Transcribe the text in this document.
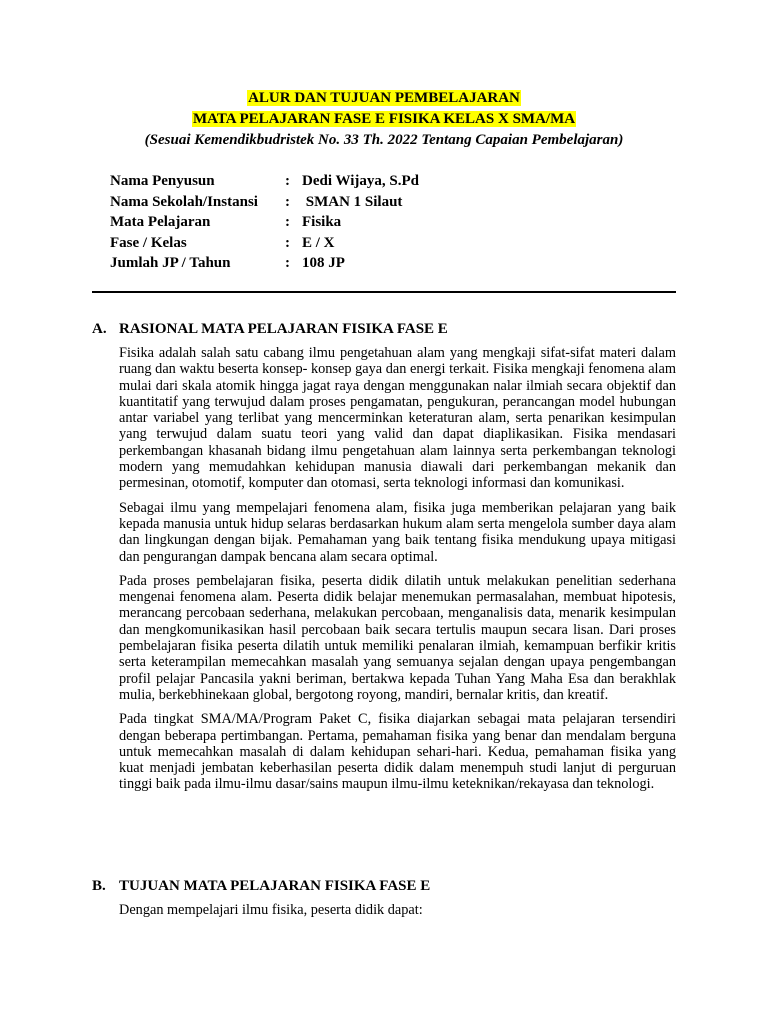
ALUR DAN TUJUAN PEMBELAJARAN
MATA PELAJARAN FASE E FISIKA KELAS X SMA/MA
(Sesuai Kemendikbudristek No. 33 Th. 2022 Tentang Capaian Pembelajaran)
Nama Penyusun	: Dedi Wijaya, S.Pd
Nama Sekolah/Instansi : SMAN 1 Silaut
Mata Pelajaran	: Fisika
Fase / Kelas	: E / X
Jumlah JP / Tahun	: 108 JP
A. RASIONAL MATA PELAJARAN FISIKA FASE E

Fisika adalah salah satu cabang ilmu pengetahuan alam yang mengkaji sifat-sifat materi dalam ruang dan waktu beserta konsep- konsep gaya dan energi terkait. Fisika mengkaji fenomena alam mulai dari skala atomik hingga jagat raya dengan menggunakan nalar ilmiah secara objektif dan kuantitatif yang terwujud dalam proses pengamatan, pengukuran, perancangan model hubungan antar variabel yang terlibat yang mencerminkan keteraturan alam, serta penarikan kesimpulan yang terwujud dalam suatu teori yang valid dan dapat diaplikasikan. Fisika mendasari perkembangan khasanah bidang ilmu pengetahuan alam lainnya serta perkembangan teknologi modern yang memudahkan kehidupan manusia diawali dari perkembangan mekanik dan permesinan, otomotif, komputer dan otomasi, serta teknologi informasi dan komunikasi.

Sebagai ilmu yang mempelajari fenomena alam, fisika juga memberikan pelajaran yang baik kepada manusia untuk hidup selaras berdasarkan hukum alam serta mengelola sumber daya alam dan lingkungan dengan bijak. Pemahaman yang baik tentang fisika mendukung upaya mitigasi dan pengurangan dampak bencana alam secara optimal.

Pada proses pembelajaran fisika, peserta didik dilatih untuk melakukan penelitian sederhana mengenai fenomena alam. Peserta didik belajar menemukan permasalahan, membuat hipotesis, merancang percobaan sederhana, melakukan percobaan, menganalisis data, menarik kesimpulan dan mengkomunikasikan hasil percobaan baik secara tertulis maupun secara lisan. Dari proses pembelajaran fisika peserta dilatih untuk memiliki penalaran ilmiah, kemampuan berfikir kritis serta keterampilan memecahkan masalah yang semuanya sejalan dengan upaya pengembangan profil pelajar Pancasila yakni beriman, bertakwa kepada Tuhan Yang Maha Esa dan berakhlak mulia, berkebhinekaan global, bergotong royong, mandiri, bernalar kritis, dan kreatif.

Pada tingkat SMA/MA/Program Paket C, fisika diajarkan sebagai mata pelajaran tersendiri dengan beberapa pertimbangan. Pertama, pemahaman fisika yang benar dan mendalam berguna untuk memecahkan masalah di dalam kehidupan sehari-hari. Kedua, pemahaman fisika yang kuat menjadi jembatan keberhasilan peserta didik dalam menempuh studi lanjut di perguruan tinggi baik pada ilmu-ilmu dasar/sains maupun ilmu-ilmu keteknikan/rekayasa dan teknologi.

B. TUJUAN MATA PELAJARAN FISIKA FASE E

Dengan mempelajari ilmu fisika, peserta didik dapat:
